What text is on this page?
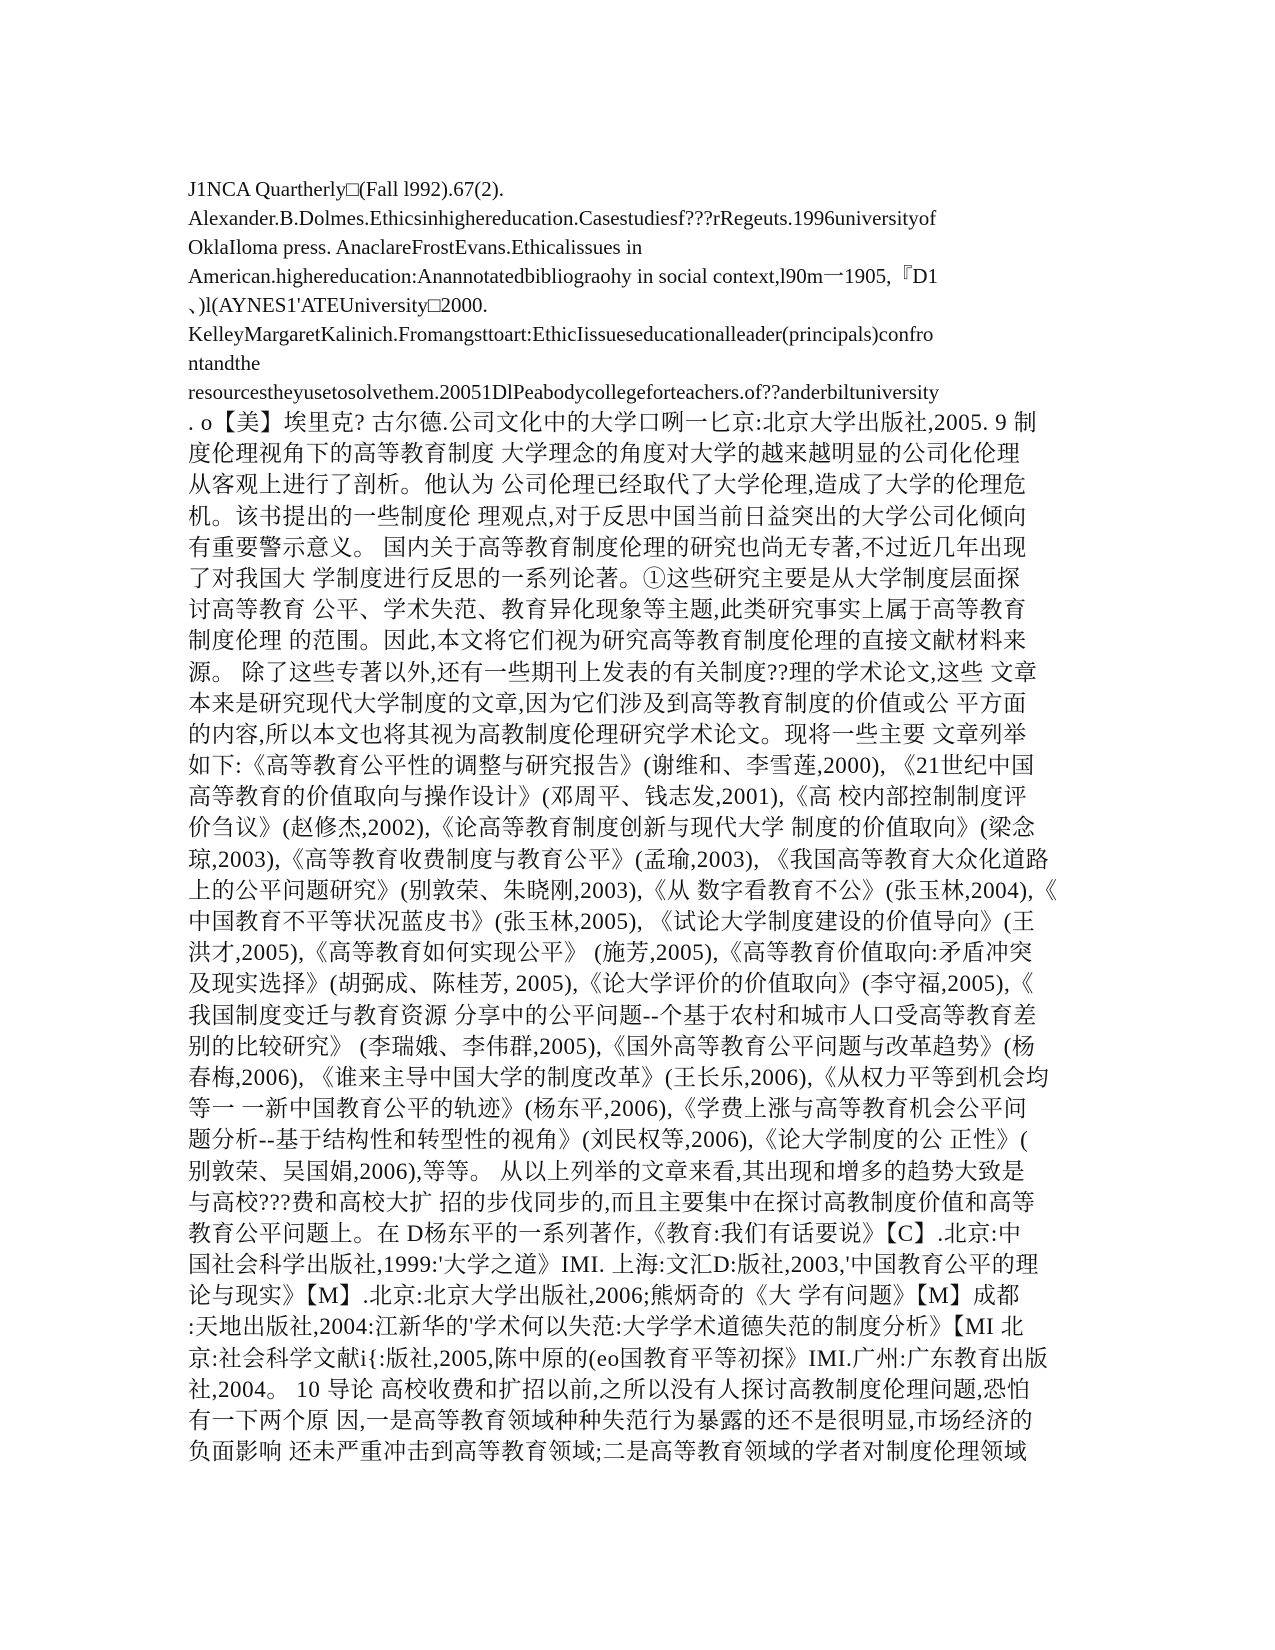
J1NCA Quartherly□(Fall l992).67(2).
Alexander.B.Dolmes.Ethicsinhighereducation.Casestudiesf???rRegeuts.1996universityof
OklaIloma press. AnaclareFrostEvans.Ethicalissues in
American.highereducation:Anannotatedbibliograohy in social context,l90m一1905,『D1
、)l(AYNES1'ATEUniversity□2000.
KelleyMargaretKalinich.Fromangsttoart:EthicIissueseducationalleader(principals)confro
ntandthe
resourcestheyusetosolvethem.20051DlPeabodycollegeforteachers.of??anderbiltuniversity
. o【美】埃里克? 古尔德.公司文化中的大学口咧一匕京:北京大学出版社,2005. 9 制
度伦理视角下的高等教育制度 大学理念的角度对大学的越来越明显的公司化伦理
从客观上进行了剖析。他认为 公司伦理已经取代了大学伦理,造成了大学的伦理危
机。该书提出的一些制度伦 理观点,对于反思中国当前日益突出的大学公司化倾向
有重要警示意义。 国内关于高等教育制度伦理的研究也尚无专著,不过近几年出现
了对我国大 学制度进行反思的一系列论著。①这些研究主要是从大学制度层面探
讨高等教育 公平、学术失范、教育异化现象等主题,此类研究事实上属于高等教育
制度伦理 的范围。因此,本文将它们视为研究高等教育制度伦理的直接文献材料来
源。 除了这些专著以外,还有一些期刊上发表的有关制度??理的学术论文,这些 文章
本来是研究现代大学制度的文章,因为它们涉及到高等教育制度的价值或公 平方面
的内容,所以本文也将其视为高教制度伦理研究学术论文。现将一些主要 文章列举
如下:《高等教育公平性的调整与研究报告》(谢维和、李雪莲,2000), 《21世纪中国
高等教育的价值取向与操作设计》(邓周平、钱志发,2001),《高 校内部控制制度评
价刍议》(赵修杰,2002),《论高等教育制度创新与现代大学 制度的价值取向》(梁念
琼,2003),《高等教育收费制度与教育公平》(孟瑜,2003), 《我国高等教育大众化道路
上的公平问题研究》(别敦荣、朱晓刚,2003),《从 数字看教育不公》(张玉林,2004),《
中国教育不平等状况蓝皮书》(张玉林,2005), 《试论大学制度建设的价值导向》(王
洪才,2005),《高等教育如何实现公平》 (施芳,2005),《高等教育价值取向:矛盾冲突
及现实选择》(胡弼成、陈桂芳, 2005),《论大学评价的价值取向》(李守福,2005),《
我国制度变迁与教育资源 分享中的公平问题--个基于农村和城市人口受高等教育差
别的比较研究》 (李瑞娥、李伟群,2005),《国外高等教育公平问题与改革趋势》(杨
春梅,2006), 《谁来主导中国大学的制度改革》(王长乐,2006),《从权力平等到机会均
等一 一新中国教育公平的轨迹》(杨东平,2006),《学费上涨与高等教育机会公平问
题分析--基于结构性和转型性的视角》(刘民权等,2006),《论大学制度的公 正性》(
别敦荣、吴国娟,2006),等等。 从以上列举的文章来看,其出现和增多的趋势大致是
与高校???费和高校大扩 招的步伐同步的,而且主要集中在探讨高教制度价值和高等
教育公平问题上。在 D杨东平的一系列著作,《教育:我们有话要说》【C】.北京:中
国社会科学出版社,1999:'大学之道》IMI. 上海:文汇D:版社,2003,'中国教育公平的理
论与现实》【M】.北京:北京大学出版社,2006;熊炳奇的《大 学有问题》【M】成都
:天地出版社,2004:江新华的'学术何以失范:大学学术道德失范的制度分析》【MI 北
京:社会科学文献i{:版社,2005,陈中原的(eo国教育平等初探》IMI.广州:广东教育出版
社,2004。 10 导论 高校收费和扩招以前,之所以没有人探讨高教制度伦理问题,恐怕
有一下两个原 因,一是高等教育领域种种失范行为暴露的还不是很明显,市场经济的
负面影响 还未严重冲击到高等教育领域;二是高等教育领域的学者对制度伦理领域
